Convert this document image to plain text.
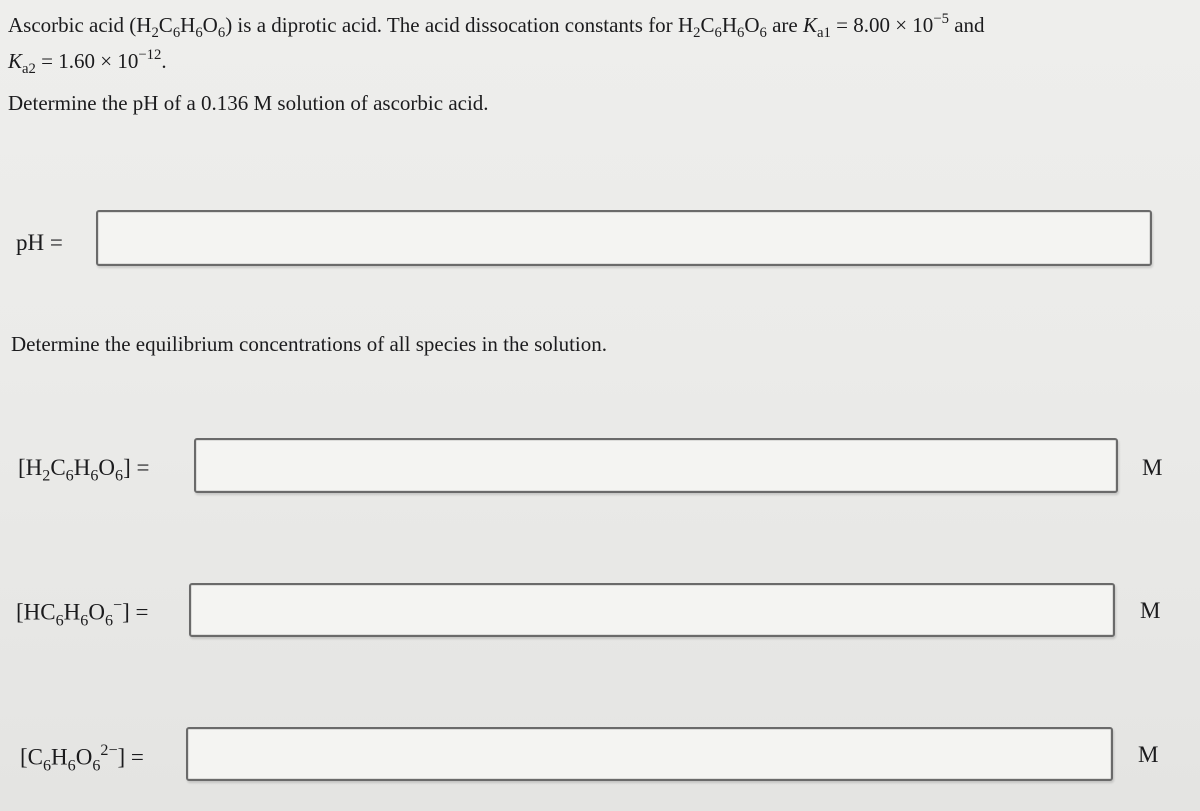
Ascorbic acid $(H_2C_6H_6O_6)$ is a diprotic acid. The acid dissocation constants for $H_2C_6H_6O_6$ are $K_{a1} = 8.00 \times 10^{-5}$ and
$K_{a2} = 1.60 \times 10^{-12}$.
Determine the pH of a 0.136 M solution of ascorbic acid.
pH =
Determine the equilibrium concentrations of all species in the solution.
$[H_2C_6H_6O_6]$ =	M
$[HC_6H_6O_6^-]$ =	M
$[C_6H_6O_6^{2-}]$ =	M
